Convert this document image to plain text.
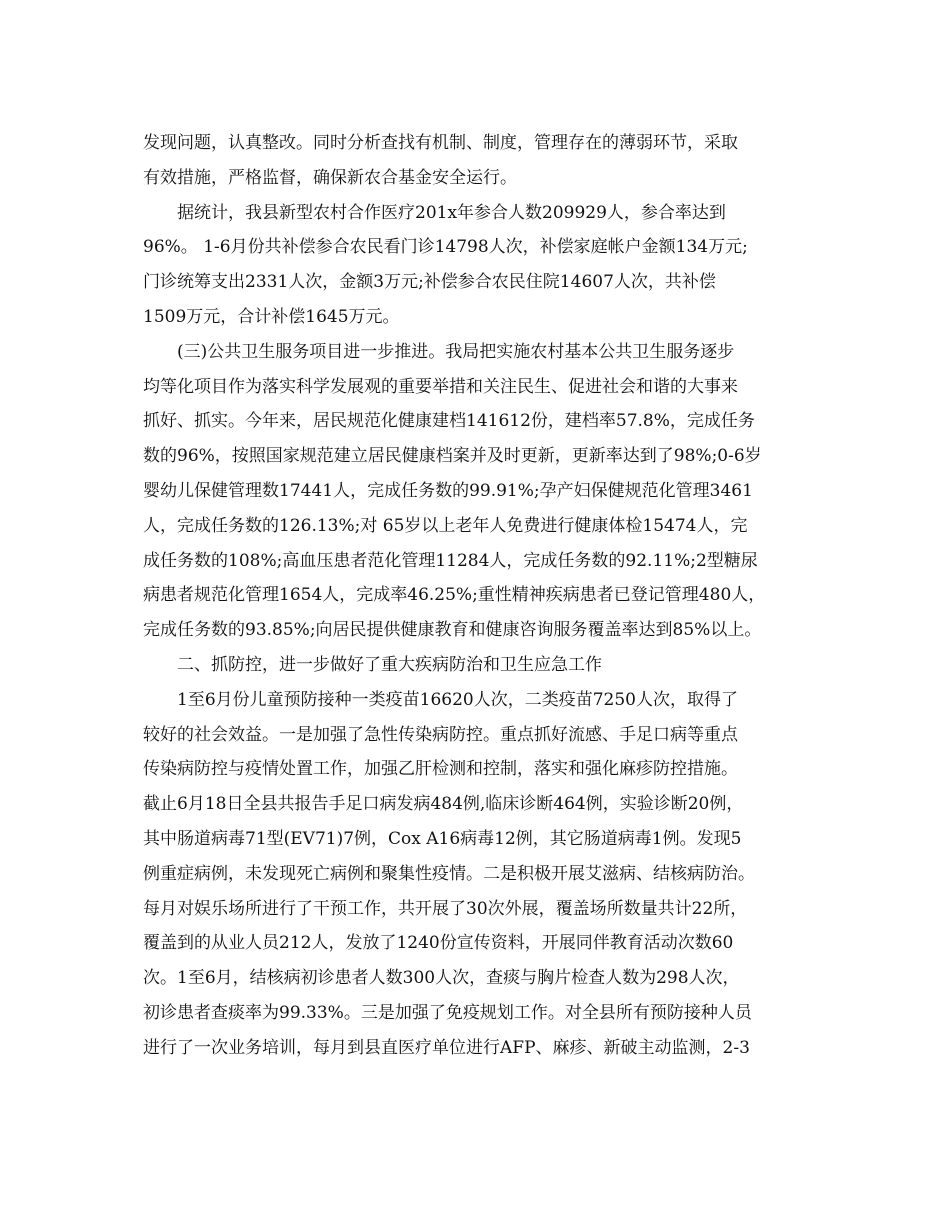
发现问题，认真整改。同时分析查找有机制、制度，管理存在的薄弱环节，采取
有效措施，严格监督，确保新农合基金安全运行。
据统计，我县新型农村合作医疗201x年参合人数209929人，参合率达到
96%。 1-6月份共补偿参合农民看门诊14798人次，补偿家庭帐户金额134万元;
门诊统筹支出2331人次，金额3万元;补偿参合农民住院14607人次，共补偿
1509万元，合计补偿1645万元。
(三)公共卫生服务项目进一步推进。我局把实施农村基本公共卫生服务逐步
均等化项目作为落实科学发展观的重要举措和关注民生、促进社会和谐的大事来
抓好、抓实。今年来，居民规范化健康建档141612份，建档率57.8%，完成任务
数的96%，按照国家规范建立居民健康档案并及时更新，更新率达到了98%;0-6岁
婴幼儿保健管理数17441人，完成任务数的99.91%;孕产妇保健规范化管理3461
人，完成任务数的126.13%;对 65岁以上老年人免费进行健康体检15474人，完
成任务数的108%;高血压患者范化管理11284人，完成任务数的92.11%;2型糖尿
病患者规范化管理1654人，完成率46.25%;重性精神疾病患者已登记管理480人，
完成任务数的93.85%;向居民提供健康教育和健康咨询服务覆盖率达到85%以上。
二、抓防控，进一步做好了重大疾病防治和卫生应急工作
1至6月份儿童预防接种一类疫苗16620人次，二类疫苗7250人次，取得了
较好的社会效益。一是加强了急性传染病防控。重点抓好流感、手足口病等重点
传染病防控与疫情处置工作，加强乙肝检测和控制，落实和强化麻疹防控措施。
截止6月18日全县共报告手足口病发病484例,临床诊断464例，实验诊断20例，
其中肠道病毒71型(EV71)7例，Cox A16病毒12例，其它肠道病毒1例。发现5
例重症病例，未发现死亡病例和聚集性疫情。二是积极开展艾滋病、结核病防治。
每月对娱乐场所进行了干预工作，共开展了30次外展，覆盖场所数量共计22所，
覆盖到的从业人员212人，发放了1240份宣传资料，开展同伴教育活动次数60
次。1至6月，结核病初诊患者人数300人次，查痰与胸片检查人数为298人次，
初诊患者查痰率为99.33%。三是加强了免疫规划工作。对全县所有预防接种人员
进行了一次业务培训，每月到县直医疗单位进行AFP、麻疹、新破主动监测，2-3
